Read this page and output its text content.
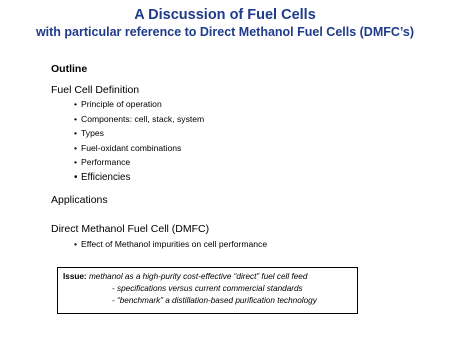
A Discussion of Fuel Cells
with particular reference to Direct Methanol Fuel Cells (DMFC’s)
Outline
Fuel Cell Definition
• Principle of operation
• Components: cell, stack, system
• Types
• Fuel-oxidant combinations
• Performance
• Efficiencies
Applications
Direct Methanol Fuel Cell (DMFC)
• Effect of Methanol impurities on cell performance
Issue: methanol as a high-purity cost-effective “direct” fuel cell feed
- specifications versus current commercial standards
- “benchmark” a distillation-based purification technology
